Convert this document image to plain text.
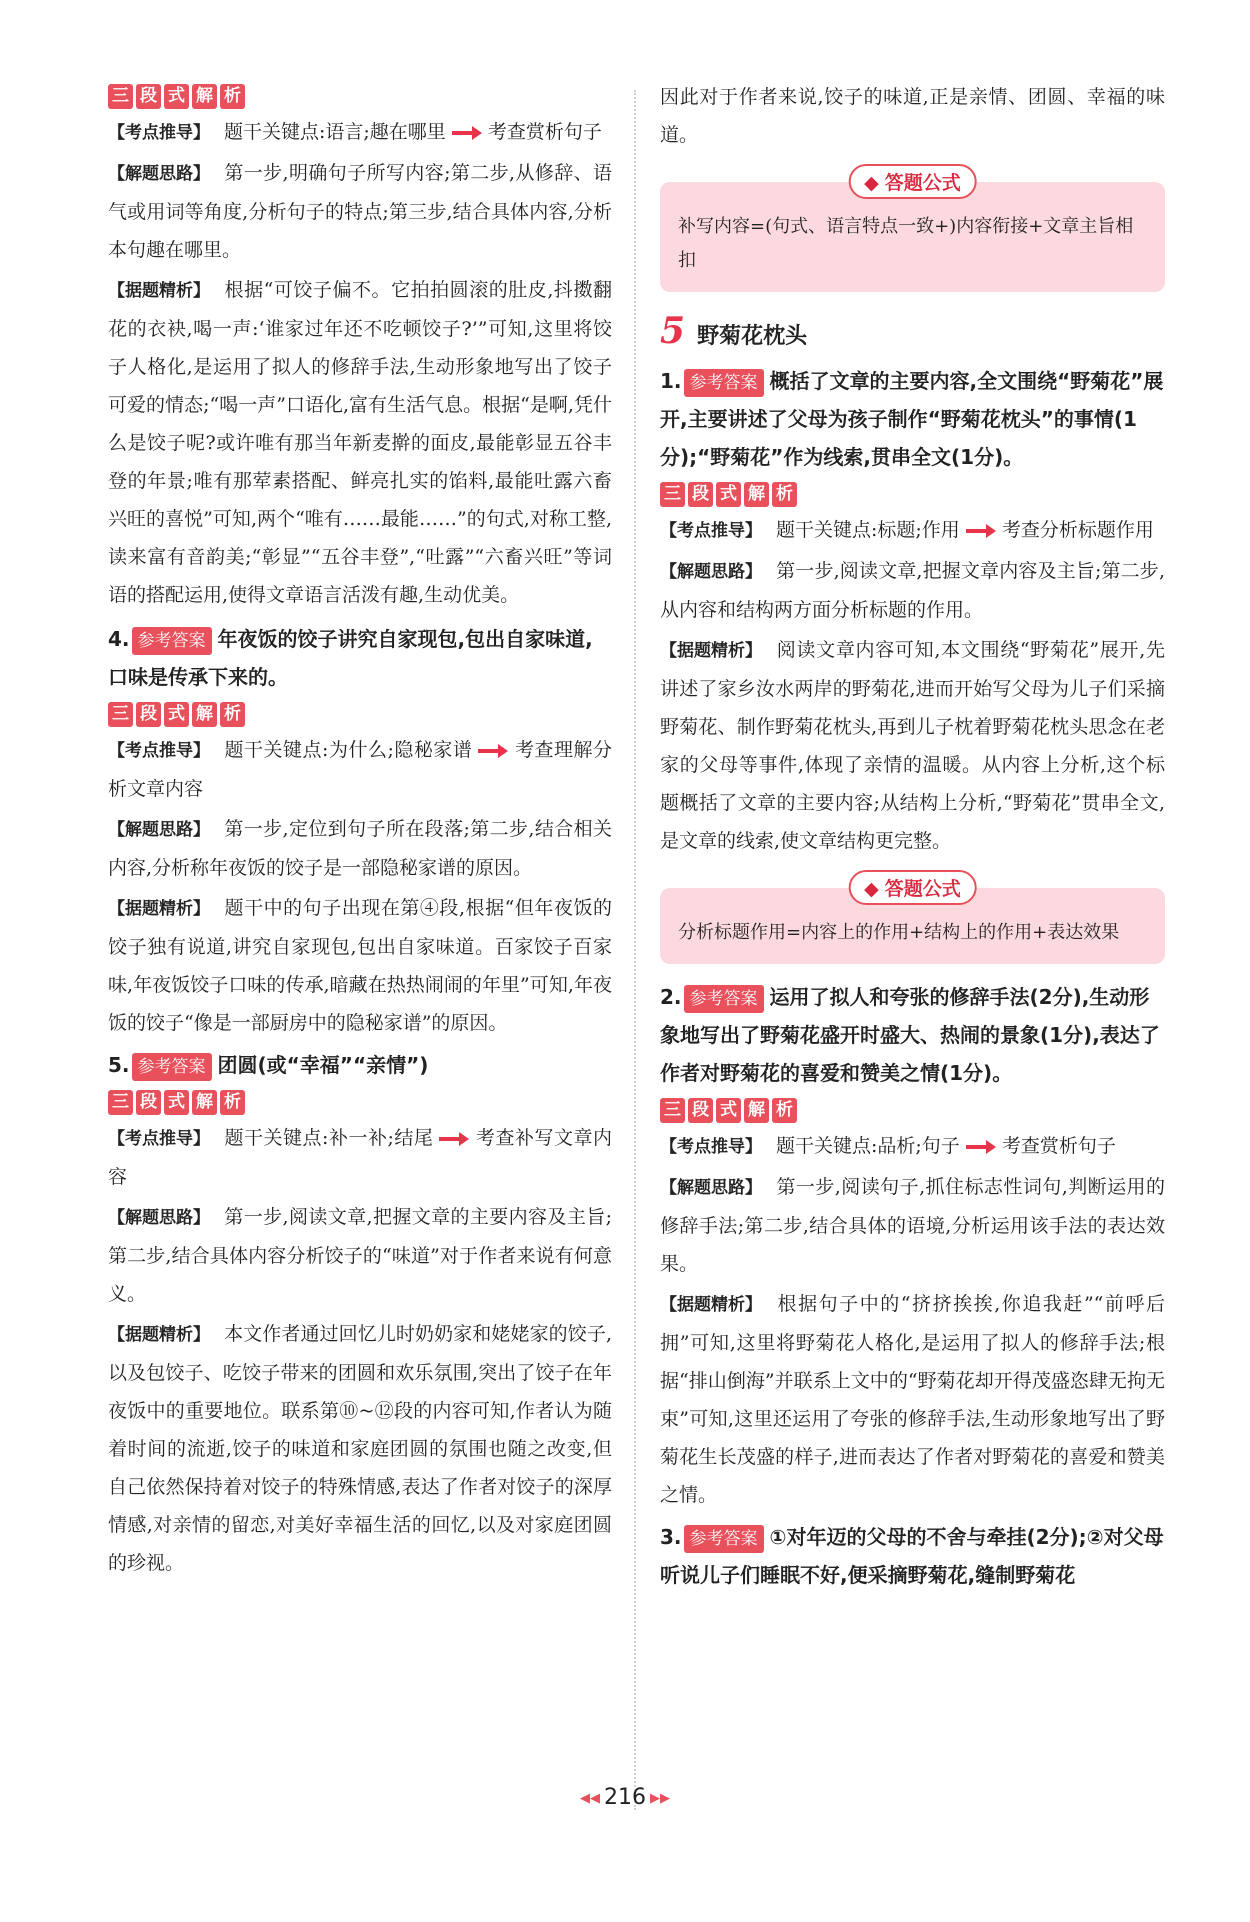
三 段 式 解 析

【考点推导】 题干关键点:语言;趣在哪里 考查赏析句子

【解题思路】 第一步,明确句子所写内容;第二步,从修辞、语气或用词等角度,分析句子的特点;第三步,结合具体内容,分析本句趣在哪里。

【据题精析】 根据“可饺子偏不。它拍拍圆滚的肚皮,抖擞翻花的衣袂,喝一声:‘谁家过年还不吃顿饺子?’”可知,这里将饺子人格化,是运用了拟人的修辞手法,生动形象地写出了饺子可爱的情态;“喝一声”口语化,富有生活气息。根据“是啊,凭什么是饺子呢?或许唯有那当年新麦擀的面皮,最能彰显五谷丰登的年景;唯有那荤素搭配、鲜亮扎实的馅料,最能吐露六畜兴旺的喜悦”可知,两个“唯有……最能……”的句式,对称工整,读来富有音韵美;“彰显”“五谷丰登”,“吐露”“六畜兴旺”等词语的搭配运用,使得文章语言活泼有趣,生动优美。

4. 参考答案 年夜饭的饺子讲究自家现包,包出自家味道,口味是传承下来的。

三 段 式 解 析

【考点推导】 题干关键点:为什么;隐秘家谱 考查理解分析文章内容

【解题思路】 第一步,定位到句子所在段落;第二步,结合相关内容,分析称年夜饭的饺子是一部隐秘家谱的原因。

【据题精析】 题干中的句子出现在第④段,根据“但年夜饭的饺子独有说道,讲究自家现包,包出自家味道。百家饺子百家味,年夜饭饺子口味的传承,暗藏在热热闹闹的年里”可知,年夜饭的饺子“像是一部厨房中的隐秘家谱”的原因。

5. 参考答案 团圆(或“幸福”“亲情”)

三 段 式 解 析

【考点推导】 题干关键点:补一补;结尾 考查补写文章内容

【解题思路】 第一步,阅读文章,把握文章的主要内容及主旨;第二步,结合具体内容分析饺子的“味道”对于作者来说有何意义。

【据题精析】 本文作者通过回忆儿时奶奶家和姥姥家的饺子,以及包饺子、吃饺子带来的团圆和欢乐氛围,突出了饺子在年夜饭中的重要地位。联系第⑩~⑫段的内容可知,作者认为随着时间的流逝,饺子的味道和家庭团圆的氛围也随之改变,但自己依然保持着对饺子的特殊情感,表达了作者对饺子的深厚情感,对亲情的留恋,对美好幸福生活的回忆,以及对家庭团圆的珍视。

因此对于作者来说,饺子的味道,正是亲情、团圆、幸福的味道。

◆ 答题公式

补写内容=(句式、语言特点一致+)内容衔接+文章主旨相扣

5 野菊花枕头

1. 参考答案 概括了文章的主要内容,全文围绕“野菊花”展开,主要讲述了父母为孩子制作“野菊花枕头”的事情(1分);“野菊花”作为线索,贯串全文(1分)。

三 段 式 解 析

【考点推导】 题干关键点:标题;作用 考查分析标题作用

【解题思路】 第一步,阅读文章,把握文章内容及主旨;第二步,从内容和结构两方面分析标题的作用。

【据题精析】 阅读文章内容可知,本文围绕“野菊花”展开,先讲述了家乡汝水两岸的野菊花,进而开始写父母为儿子们采摘野菊花、制作野菊花枕头,再到儿子枕着野菊花枕头思念在老家的父母等事件,体现了亲情的温暖。从内容上分析,这个标题概括了文章的主要内容;从结构上分析,“野菊花”贯串全文,是文章的线索,使文章结构更完整。

◆ 答题公式

分析标题作用=内容上的作用+结构上的作用+表达效果

2. 参考答案 运用了拟人和夸张的修辞手法(2分),生动形象地写出了野菊花盛开时盛大、热闹的景象(1分),表达了作者对野菊花的喜爱和赞美之情(1分)。

三 段 式 解 析

【考点推导】 题干关键点:品析;句子 考查赏析句子

【解题思路】 第一步,阅读句子,抓住标志性词句,判断运用的修辞手法;第二步,结合具体的语境,分析运用该手法的表达效果。

【据题精析】 根据句子中的“挤挤挨挨,你追我赶”“前呼后拥”可知,这里将野菊花人格化,是运用了拟人的修辞手法;根据“排山倒海”并联系上文中的“野菊花却开得茂盛恣肆无拘无束”可知,这里还运用了夸张的修辞手法,生动形象地写出了野菊花生长茂盛的样子,进而表达了作者对野菊花的喜爱和赞美之情。

3. 参考答案 ①对年迈的父母的不舍与牵挂(2分);②对父母听说儿子们睡眠不好,便采摘野菊花,缝制野菊花

◀◀ 216 ▶▶
